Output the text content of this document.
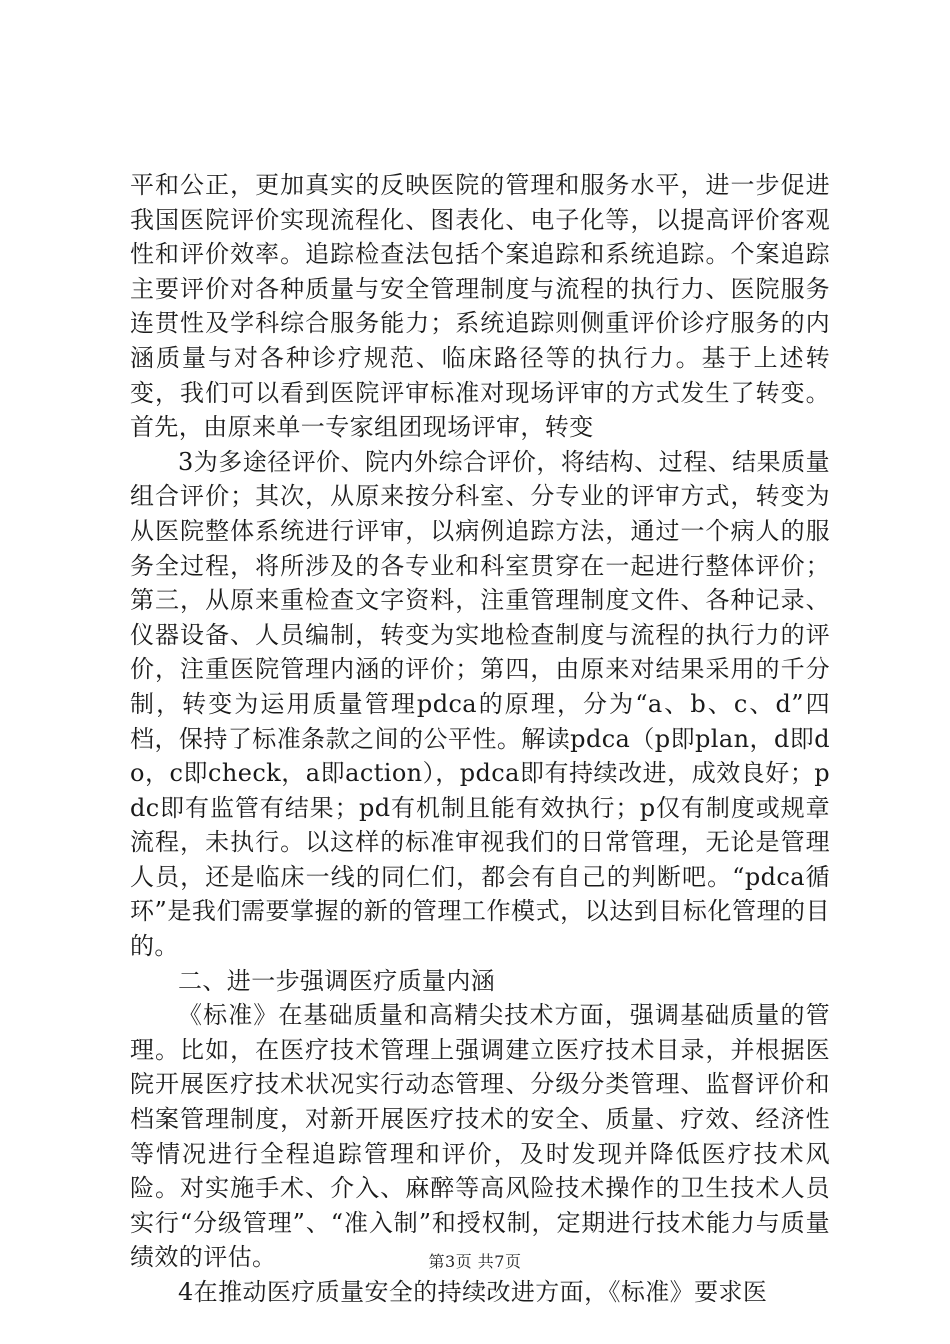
平和公正，更加真实的反映医院的管理和服务水平，进一步促进我国医院评价实现流程化、图表化、电子化等，以提高评价客观性和评价效率。追踪检查法包括个案追踪和系统追踪。个案追踪主要评价对各种质量与安全管理制度与流程的执行力、医院服务连贯性及学科综合服务能力；系统追踪则侧重评价诊疗服务的内涵质量与对各种诊疗规范、临床路径等的执行力。基于上述转变，我们可以看到医院评审标准对现场评审的方式发生了转变。首先，由原来单一专家组团现场评审，转变

3为多途径评价、院内外综合评价，将结构、过程、结果质量组合评价；其次，从原来按分科室、分专业的评审方式，转变为从医院整体系统进行评审，以病例追踪方法，通过一个病人的服务全过程，将所涉及的各专业和科室贯穿在一起进行整体评价；第三，从原来重检查文字资料，注重管理制度文件、各种记录、仪器设备、人员编制，转变为实地检查制度与流程的执行力的评价，注重医院管理内涵的评价；第四，由原来对结果采用的千分制，转变为运用质量管理pdca的原理，分为“a、b、c、d”四档，保持了标准条款之间的公平性。解读pdca（p即plan，d即do，c即check，a即action），pdca即有持续改进，成效良好；pdc即有监管有结果；pd有机制且能有效执行；p仅有制度或规章流程，未执行。以这样的标准审视我们的日常管理，无论是管理人员，还是临床一线的同仁们，都会有自己的判断吧。“pdca循环”是我们需要掌握的新的管理工作模式，以达到目标化管理的目的。

二、进一步强调医疗质量内涵

《标准》在基础质量和高精尖技术方面，强调基础质量的管理。比如，在医疗技术管理上强调建立医疗技术目录，并根据医院开展医疗技术状况实行动态管理、分级分类管理、监督评价和档案管理制度，对新开展医疗技术的安全、质量、疗效、经济性等情况进行全程追踪管理和评价，及时发现并降低医疗技术风险。对实施手术、介入、麻醉等高风险技术操作的卫生技术人员实行“分级管理”、“准入制”和授权制，定期进行技术能力与质量绩效的评估。

4在推动医疗质量安全的持续改进方面，《标准》要求医

第3页 共7页
